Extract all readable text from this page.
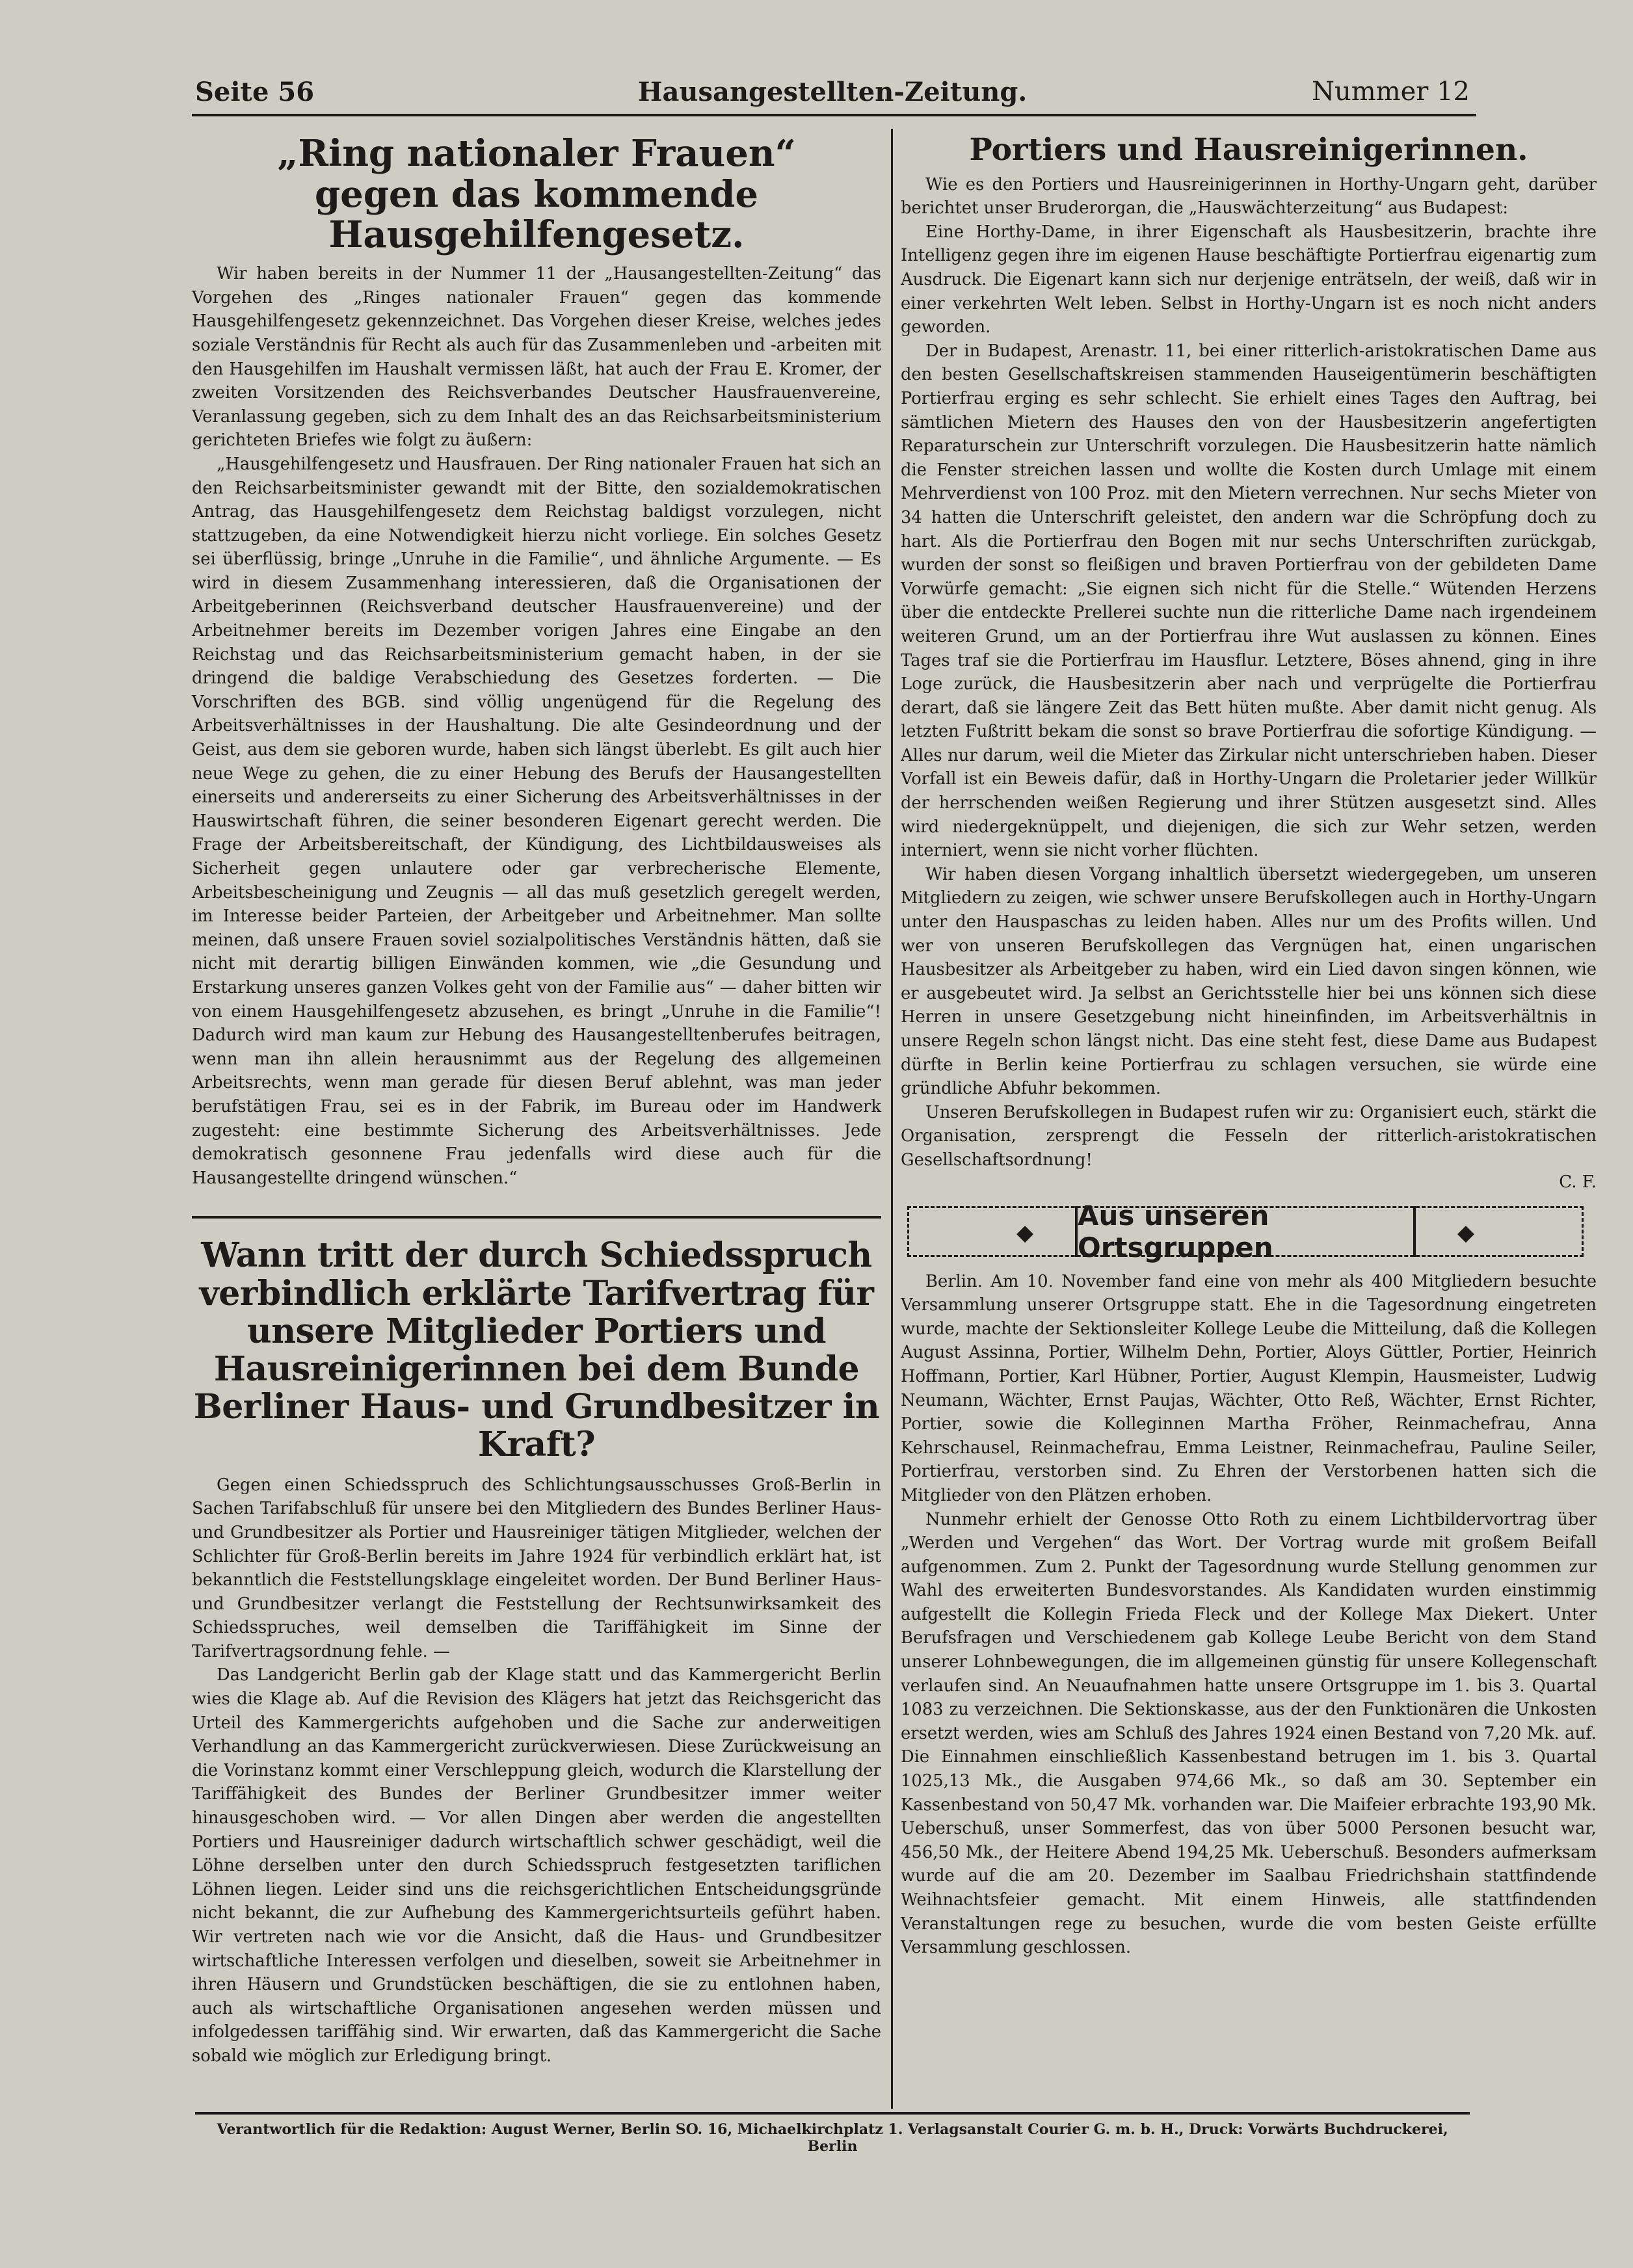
Seite 56	Hausangestellten-Zeitung.	Nummer 12
„Ring nationaler Frauen“
gegen das kommende Hausgehilfengesetz.

Wir haben bereits in der Nummer 11 der „Hausangestellten-Zeitung“ das Vorgehen des „Ringes nationaler Frauen“ gegen das kommende Hausgehilfengesetz gekennzeichnet. Das Vorgehen dieser Kreise, welches jedes soziale Verständnis für Recht als auch für das Zusammenleben und -arbeiten mit den Hausgehilfen im Haushalt vermissen läßt, hat auch der Frau E. Kromer, der zweiten Vorsitzenden des Reichsverbandes Deutscher Hausfrauenvereine, Veranlassung gegeben, sich zu dem Inhalt des an das Reichsarbeitsministerium gerichteten Briefes wie folgt zu äußern:

„Hausgehilfengesetz und Hausfrauen. Der Ring nationaler Frauen hat sich an den Reichsarbeitsminister gewandt mit der Bitte, den sozialdemokratischen Antrag, das Hausgehilfengesetz dem Reichstag baldigst vorzulegen, nicht stattzugeben, da eine Notwendigkeit hierzu nicht vorliege. Ein solches Gesetz sei überflüssig, bringe „Unruhe in die Familie“, und ähnliche Argumente. — Es wird in diesem Zusammenhang interessieren, daß die Organisationen der Arbeitgeberinnen (Reichsverband deutscher Hausfrauenvereine) und der Arbeitnehmer bereits im Dezember vorigen Jahres eine Eingabe an den Reichstag und das Reichsarbeitsministerium gemacht haben, in der sie dringend die baldige Verabschiedung des Gesetzes forderten. — Die Vorschriften des BGB. sind völlig ungenügend für die Regelung des Arbeitsverhältnisses in der Haushaltung. Die alte Gesindeordnung und der Geist, aus dem sie geboren wurde, haben sich längst überlebt. Es gilt auch hier neue Wege zu gehen, die zu einer Hebung des Berufs der Hausangestellten einerseits und andererseits zu einer Sicherung des Arbeitsverhältnisses in der Hauswirtschaft führen, die seiner besonderen Eigenart gerecht werden. Die Frage der Arbeitsbereitschaft, der Kündigung, des Lichtbildausweises als Sicherheit gegen unlautere oder gar verbrecherische Elemente, Arbeitsbescheinigung und Zeugnis — all das muß gesetzlich geregelt werden, im Interesse beider Parteien, der Arbeitgeber und Arbeitnehmer. Man sollte meinen, daß unsere Frauen soviel sozialpolitisches Verständnis hätten, daß sie nicht mit derartig billigen Einwänden kommen, wie „die Gesundung und Erstarkung unseres ganzen Volkes geht von der Familie aus“ — daher bitten wir von einem Hausgehilfengesetz abzusehen, es bringt „Unruhe in die Familie“! Dadurch wird man kaum zur Hebung des Hausangestelltenberufes beitragen, wenn man ihn allein herausnimmt aus der Regelung des allgemeinen Arbeitsrechts, wenn man gerade für diesen Beruf ablehnt, was man jeder berufstätigen Frau, sei es in der Fabrik, im Bureau oder im Handwerk zugesteht: eine bestimmte Sicherung des Arbeitsverhältnisses. Jede demokratisch gesonnene Frau jedenfalls wird diese auch für die Hausangestellte dringend wünschen.“

Wann tritt der durch Schiedsspruch verbindlich erklärte Tarifvertrag für unsere Mitglieder Portiers und Hausreinigerinnen bei dem Bunde Berliner Haus- und Grundbesitzer in Kraft?

Gegen einen Schiedsspruch des Schlichtungsausschusses Groß-Berlin in Sachen Tarifabschluß für unsere bei den Mitgliedern des Bundes Berliner Haus- und Grundbesitzer als Portier und Hausreiniger tätigen Mitglieder, welchen der Schlichter für Groß-Berlin bereits im Jahre 1924 für verbindlich erklärt hat, ist bekanntlich die Feststellungsklage eingeleitet worden. Der Bund Berliner Haus- und Grundbesitzer verlangt die Feststellung der Rechtsunwirksamkeit des Schiedsspruches, weil demselben die Tariffähigkeit im Sinne der Tarifvertragsordnung fehle. —

Das Landgericht Berlin gab der Klage statt und das Kammergericht Berlin wies die Klage ab. Auf die Revision des Klägers hat jetzt das Reichsgericht das Urteil des Kammergerichts aufgehoben und die Sache zur anderweitigen Verhandlung an das Kammergericht zurückverwiesen. Diese Zurückweisung an die Vorinstanz kommt einer Verschleppung gleich, wodurch die Klarstellung der Tariffähigkeit des Bundes der Berliner Grundbesitzer immer weiter hinausgeschoben wird. — Vor allen Dingen aber werden die angestellten Portiers und Hausreiniger dadurch wirtschaftlich schwer geschädigt, weil die Löhne derselben unter den durch Schiedsspruch festgesetzten tariflichen Löhnen liegen. Leider sind uns die reichsgerichtlichen Entscheidungsgründe nicht bekannt, die zur Aufhebung des Kammergerichtsurteils geführt haben. Wir vertreten nach wie vor die Ansicht, daß die Haus- und Grundbesitzer wirtschaftliche Interessen verfolgen und dieselben, soweit sie Arbeitnehmer in ihren Häusern und Grundstücken beschäftigen, die sie zu entlohnen haben, auch als wirtschaftliche Organisationen angesehen werden müssen und infolgedessen tariffähig sind. Wir erwarten, daß das Kammergericht die Sache sobald wie möglich zur Erledigung bringt.

Portiers und Hausreinigerinnen.

Wie es den Portiers und Hausreinigerinnen in Horthy-Ungarn geht, darüber berichtet unser Bruderorgan, die „Hauswächterzeitung“ aus Budapest:

Eine Horthy-Dame, in ihrer Eigenschaft als Hausbesitzerin, brachte ihre Intelligenz gegen ihre im eigenen Hause beschäftigte Portierfrau eigenartig zum Ausdruck. Die Eigenart kann sich nur derjenige enträtseln, der weiß, daß wir in einer verkehrten Welt leben. Selbst in Horthy-Ungarn ist es noch nicht anders geworden.

Der in Budapest, Arenastr. 11, bei einer ritterlich-aristokratischen Dame aus den besten Gesellschaftskreisen stammenden Hauseigentümerin beschäftigten Portierfrau erging es sehr schlecht. Sie erhielt eines Tages den Auftrag, bei sämtlichen Mietern des Hauses den von der Hausbesitzerin angefertigten Reparaturschein zur Unterschrift vorzulegen. Die Hausbesitzerin hatte nämlich die Fenster streichen lassen und wollte die Kosten durch Umlage mit einem Mehrverdienst von 100 Proz. mit den Mietern verrechnen. Nur sechs Mieter von 34 hatten die Unterschrift geleistet, den andern war die Schröpfung doch zu hart. Als die Portierfrau den Bogen mit nur sechs Unterschriften zurückgab, wurden der sonst so fleißigen und braven Portierfrau von der gebildeten Dame Vorwürfe gemacht: „Sie eignen sich nicht für die Stelle.“ Wütenden Herzens über die entdeckte Prellerei suchte nun die ritterliche Dame nach irgendeinem weiteren Grund, um an der Portierfrau ihre Wut auslassen zu können. Eines Tages traf sie die Portierfrau im Hausflur. Letztere, Böses ahnend, ging in ihre Loge zurück, die Hausbesitzerin aber nach und verprügelte die Portierfrau derart, daß sie längere Zeit das Bett hüten mußte. Aber damit nicht genug. Als letzten Fußtritt bekam die sonst so brave Portierfrau die sofortige Kündigung. — Alles nur darum, weil die Mieter das Zirkular nicht unterschrieben haben. Dieser Vorfall ist ein Beweis dafür, daß in Horthy-Ungarn die Proletarier jeder Willkür der herrschenden weißen Regierung und ihrer Stützen ausgesetzt sind. Alles wird niedergeknüppelt, und diejenigen, die sich zur Wehr setzen, werden interniert, wenn sie nicht vorher flüchten.

Wir haben diesen Vorgang inhaltlich übersetzt wiedergegeben, um unseren Mitgliedern zu zeigen, wie schwer unsere Berufskollegen auch in Horthy-Ungarn unter den Hauspaschas zu leiden haben. Alles nur um des Profits willen. Und wer von unseren Berufskollegen das Vergnügen hat, einen ungarischen Hausbesitzer als Arbeitgeber zu haben, wird ein Lied davon singen können, wie er ausgebeutet wird. Ja selbst an Gerichtsstelle hier bei uns können sich diese Herren in unsere Gesetzgebung nicht hineinfinden, im Arbeitsverhältnis in unsere Regeln schon längst nicht. Das eine steht fest, diese Dame aus Budapest dürfte in Berlin keine Portierfrau zu schlagen versuchen, sie würde eine gründliche Abfuhr bekommen.

Unseren Berufskollegen in Budapest rufen wir zu: Organisiert euch, stärkt die Organisation, zersprengt die Fesseln der ritterlich-aristokratischen Gesellschaftsordnung!

C. F.

◆
Aus unseren Ortsgruppen	◆

Berlin. Am 10. November fand eine von mehr als 400 Mitgliedern besuchte Versammlung unserer Ortsgruppe statt. Ehe in die Tagesordnung eingetreten wurde, machte der Sektionsleiter Kollege Leube die Mitteilung, daß die Kollegen August Assinna, Portier, Wilhelm Dehn, Portier, Aloys Güttler, Portier, Heinrich Hoffmann, Portier, Karl Hübner, Portier, August Klempin, Hausmeister, Ludwig Neumann, Wächter, Ernst Paujas, Wächter, Otto Reß, Wächter, Ernst Richter, Portier, sowie die Kolleginnen Martha Fröher, Reinmachefrau, Anna Kehrschausel, Reinmachefrau, Emma Leistner, Reinmachefrau, Pauline Seiler, Portierfrau, verstorben sind. Zu Ehren der Verstorbenen hatten sich die Mitglieder von den Plätzen erhoben.

Nunmehr erhielt der Genosse Otto Roth zu einem Lichtbildervortrag über „Werden und Vergehen“ das Wort. Der Vortrag wurde mit großem Beifall aufgenommen. Zum 2. Punkt der Tagesordnung wurde Stellung genommen zur Wahl des erweiterten Bundesvorstandes. Als Kandidaten wurden einstimmig aufgestellt die Kollegin Frieda Fleck und der Kollege Max Diekert. Unter Berufsfragen und Verschiedenem gab Kollege Leube Bericht von dem Stand unserer Lohnbewegungen, die im allgemeinen günstig für unsere Kollegenschaft verlaufen sind. An Neuaufnahmen hatte unsere Ortsgruppe im 1. bis 3. Quartal 1083 zu verzeichnen. Die Sektionskasse, aus der den Funktionären die Unkosten ersetzt werden, wies am Schluß des Jahres 1924 einen Bestand von 7,20 Mk. auf. Die Einnahmen einschließlich Kassenbestand betrugen im 1. bis 3. Quartal 1025,13 Mk., die Ausgaben 974,66 Mk., so daß am 30. September ein Kassenbestand von 50,47 Mk. vorhanden war. Die Maifeier erbrachte 193,90 Mk. Ueberschuß, unser Sommerfest, das von über 5000 Personen besucht war, 456,50 Mk., der Heitere Abend 194,25 Mk. Ueberschuß. Besonders aufmerksam wurde auf die am 20. Dezember im Saalbau Friedrichshain stattfindende Weihnachtsfeier gemacht. Mit einem Hinweis, alle stattfindenden Veranstaltungen rege zu besuchen, wurde die vom besten Geiste erfüllte Versammlung geschlossen.

Verantwortlich für die Redaktion: August Werner, Berlin SO. 16, Michaelkirchplatz 1. Verlagsanstalt Courier G. m. b. H., Druck: Vorwärts Buchdruckerei, Berlin
